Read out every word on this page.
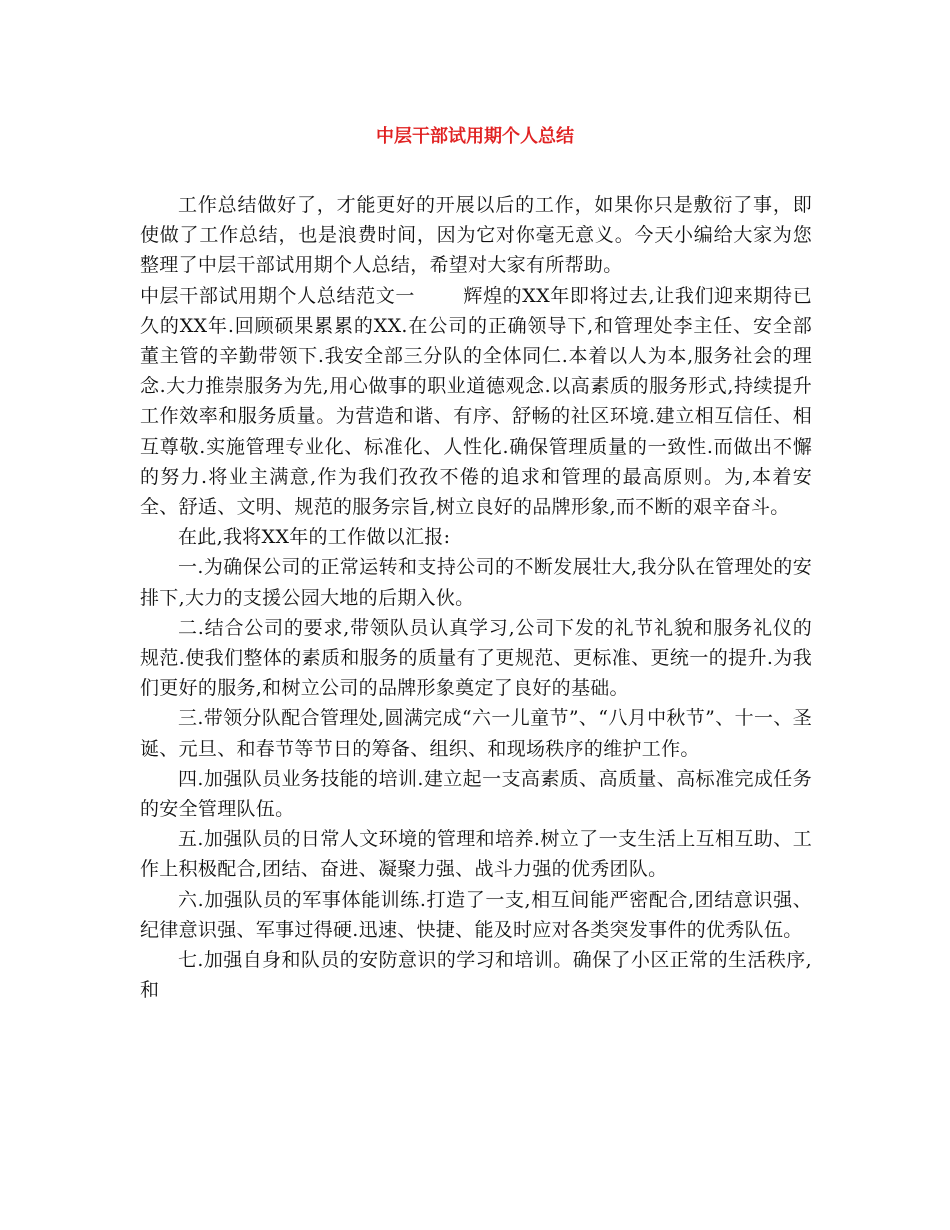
中层干部试用期个人总结

工作总结做好了，才能更好的开展以后的工作，如果你只是敷衍了事，即使做了工作总结，也是浪费时间，因为它对你毫无意义。今天小编给大家为您整理了中层干部试用期个人总结，希望对大家有所帮助。

中层干部试用期个人总结范文一	辉煌的XX年即将过去,让我们迎来期待已久的XX年.回顾硕果累累的XX.在公司的正确领导下,和管理处李主任、安全部董主管的辛勤带领下.我安全部三分队的全体同仁.本着以人为本,服务社会的理念.大力推崇服务为先,用心做事的职业道德观念.以高素质的服务形式,持续提升工作效率和服务质量。为营造和谐、有序、舒畅的社区环境.建立相互信任、相互尊敬.实施管理专业化、标准化、人性化.确保管理质量的一致性.而做出不懈的努力.将业主满意,作为我们孜孜不倦的追求和管理的最高原则。为,本着安全、舒适、文明、规范的服务宗旨,树立良好的品牌形象,而不断的艰辛奋斗。

在此,我将XX年的工作做以汇报:

一.为确保公司的正常运转和支持公司的不断发展壮大,我分队在管理处的安排下,大力的支援公园大地的后期入伙。

二.结合公司的要求,带领队员认真学习,公司下发的礼节礼貌和服务礼仪的规范.使我们整体的素质和服务的质量有了更规范、更标准、更统一的提升.为我们更好的服务,和树立公司的品牌形象奠定了良好的基础。

三.带领分队配合管理处,圆满完成“六一儿童节”、“八月中秋节”、十一、圣诞、元旦、和春节等节日的筹备、组织、和现场秩序的维护工作。

四.加强队员业务技能的培训.建立起一支高素质、高质量、高标准完成任务的安全管理队伍。

五.加强队员的日常人文环境的管理和培养.树立了一支生活上互相互助、工作上积极配合,团结、奋进、凝聚力强、战斗力强的优秀团队。

六.加强队员的军事体能训练.打造了一支,相互间能严密配合,团结意识强、纪律意识强、军事过得硬.迅速、快捷、能及时应对各类突发事件的优秀队伍。

七.加强自身和队员的安防意识的学习和培训。确保了小区正常的生活秩序,和
